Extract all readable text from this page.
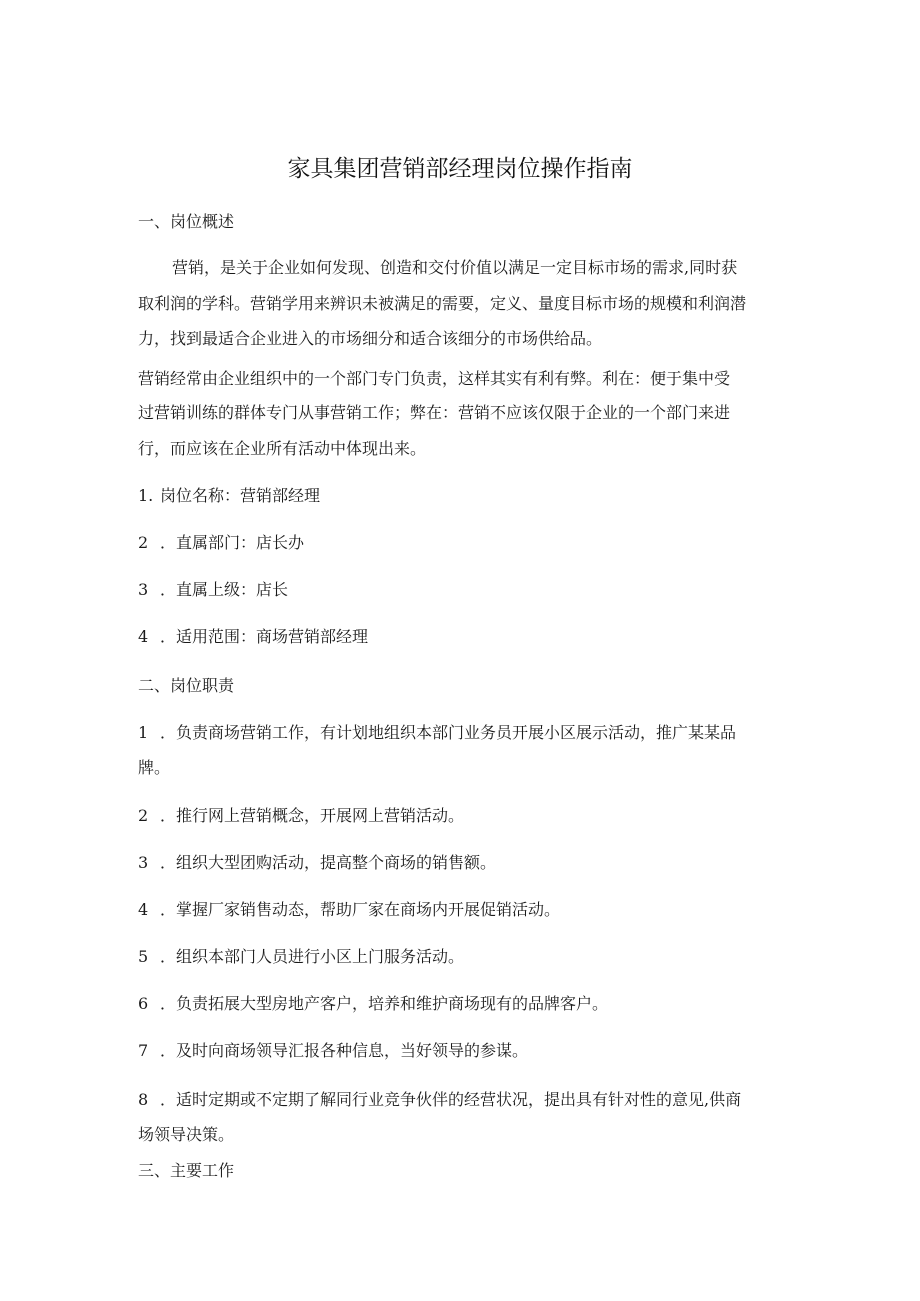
家具集团营销部经理岗位操作指南
一、岗位概述
营销，是关于企业如何发现、创造和交付价值以满足一定目标市场的需求,同时获
取利润的学科。营销学用来辨识未被满足的需要，定义、量度目标市场的规模和利润潜
力，找到最适合企业进入的市场细分和适合该细分的市场供给品。
营销经常由企业组织中的一个部门专门负责，这样其实有利有弊。利在：便于集中受
过营销训练的群体专门从事营销工作；弊在：营销不应该仅限于企业的一个部门来进
行，而应该在企业所有活动中体现出来。
1. 岗位名称：营销部经理
2 ．直属部门：店长办
3 ．直属上级：店长
4 ．适用范围：商场营销部经理
二、岗位职责
1 ．负责商场营销工作，有计划地组织本部门业务员开展小区展示活动，推广某某品
牌。
2 ．推行网上营销概念，开展网上营销活动。
3 ．组织大型团购活动，提高整个商场的销售额。
4 ．掌握厂家销售动态，帮助厂家在商场内开展促销活动。
5 ．组织本部门人员进行小区上门服务活动。
6 ．负责拓展大型房地产客户，培养和维护商场现有的品牌客户。
7 ．及时向商场领导汇报各种信息，当好领导的参谋。
8 ．适时定期或不定期了解同行业竞争伙伴的经营状况，提出具有针对性的意见,供商
场领导决策。
三、主要工作
